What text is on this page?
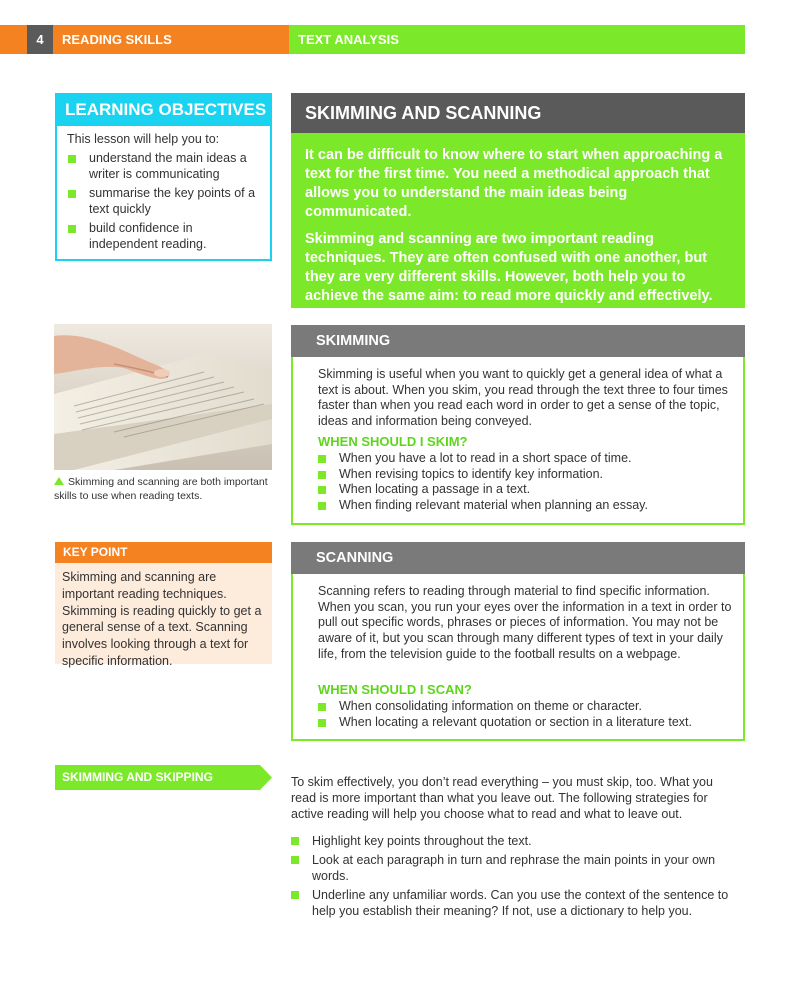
4	READING SKILLS	TEXT ANALYSIS
LEARNING OBJECTIVES
This lesson will help you to:
understand the main ideas a writer is communicating
summarise the key points of a text quickly
build confidence in independent reading.
SKIMMING AND SCANNING

It can be difficult to know where to start when approaching a text for the first time. You need a methodical approach that allows you to understand the main ideas being communicated.

Skimming and scanning are two important reading techniques. They are often confused with one another, but they are very different skills. However, both help you to achieve the same aim: to read more quickly and effectively.

Skimming and scanning are both important skills to use when reading texts.
SKIMMING
Skimming is useful when you want to quickly get a general idea of what a text is about. When you skim, you read through the text three to four times faster than when you read each word in order to get a sense of the topic, ideas and information being conveyed.
WHEN SHOULD I SKIM?
When you have a lot to read in a short space of time.
When revising topics to identify key information.
When locating a passage in a text.
When finding relevant material when planning an essay.
KEY POINT
Skimming and scanning are important reading techniques. Skimming is reading quickly to get a general sense of a text. Scanning involves looking through a text for specific information.
SCANNING
Scanning refers to reading through material to find specific information. When you scan, you run your eyes over the information in a text in order to pull out specific words, phrases or pieces of information. You may not be aware of it, but you scan through many different types of text in your daily life, from the television guide to the football results on a webpage.
WHEN SHOULD I SCAN?
When consolidating information on theme or character.
When locating a relevant quotation or section in a literature text.
SKIMMING AND SKIPPING	To skim effectively, you don’t read everything – you must skip, too. What you read is more important than what you leave out. The following strategies for active reading will help you choose what to read and what to leave out.
Highlight key points throughout the text.
Look at each paragraph in turn and rephrase the main points in your own words.
Underline any unfamiliar words. Can you use the context of the sentence to help you establish their meaning? If not, use a dictionary to help you.
